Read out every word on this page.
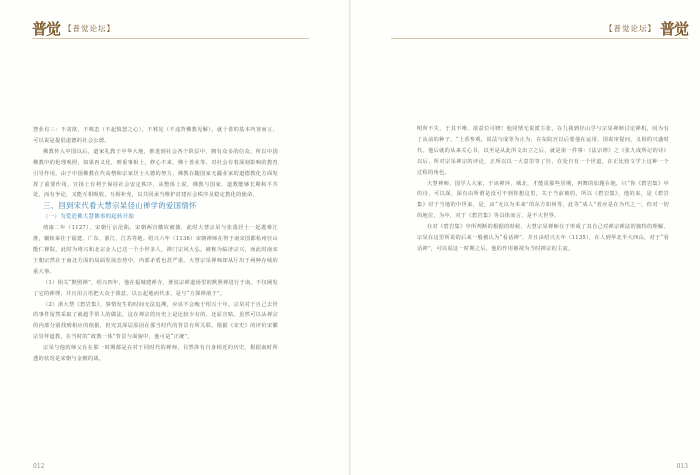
普觉 【普觉论坛】

慧业有三：不贪欲、不嗔恚（不起愤怒之心）、不邪见（不违背佛教见解）。就十善的基本内容而言，可以说是提倡道德的社会公德。

佛教传入中国以后，道家礼教于中华大地，推进到社会各个阶层中，拥有众多的信众。所以中国佛教中的伦理观照，如果再义化，则重事相上，修心不来，佛十善业等。对社会有着深刻影响的教育引导作用。由于中国佛教在代高僧和宗家居士大德的努力，佛教在随国家无疆业家的道德教化方面发挥了重要作用。宣扬上有利于保持社会安定秩序，从整体上说，佛教与国家、道教能够长期和平共处，而有争论，又能互相吸收，互相补充，以共同承当维护封建社会秩序及稳定教化的使命。

三、回到宋代看大慧宗杲径山禅学的爱国情怀

（一）为爱造佛大慧佛事的起转开始

靖康二年（1127），宋朝厅京沦陷。宋朝两宫徽钦被掳，此时大慧宗杲与张浚居士一起逃难江淮，辗转来往于福建、广东、浙江、江苏等地。绍兴六年（1136）宋朝禅师在得于南宋国都杭州径山能仁禅院，此时为靖兴和北宗金人已达一个小世多人，禅门宗风大弘。被称为临济宗兴，而此时南宋王朝宗然在于南北方面的局面发展态势中，内部矛盾也甚严重。大慧宗杲禅师却从厅出于两种存续的重大事。

（1）相关“默照禅”，绍兴四年，他在福城建禅寺，著说宗禅道场里的默照禅进行于南。不仅阐发了它的禅理，并且用言语把大众于我意。以公起地而代求，是与“力探禅淆于”。

（2）浙大慧《碧岩集》。事情发生的时间无法追溯，应该不会晚于绍兴十年。宗杲对于自己去世的事件留然采取了就超乎常人的做法，这在禅宗的历史上是比较少有的，还原宣贴。虽然可以从禅宗的内部分别找到相应的依据，但究其深层原因在那当时代的背景有所关联。根据《宋史》的评价宋徽宗崇拜道教，在当时的“政教一体”背景与面貌中，他可是“正统”。

宗杲与他的师父在在那一时期都是在对于同时代的禅师，目然涉有自身相近的历史。根据南时所透的状况是宋朝与金朝的战。

012
普觉
【普觉论坛】

明所不失，于其不唯。欲意位可晓！他同情无说派主张，在九我到径山学与宗杲禅师讨论禅机，因为有了从前的种子，“上香参观，说法与成等为止为，在东院宫以后要他在运用，国说审提问，义相的兴盛时代。他后就的从来关心书，以至是从此所文出立之后，就是第一件事：《法宗禅》之《张九成所记的诗》以后，所对宗杲禅宗的评论，正所以以一大意里等了径，在处自有一个世道，在正比较文学上这种一个过程的角色。

大慧禅师，国学人大家，于该禅环，城北，才能说那些居期，再舞的如题在地，只“你《碧岩集》中的诗，可以深，深有由所谓是没可不到你想这里，关于当前被的，所以《碧岩集》，他的来，是《碧岩集》对于当地的中世来，是，由“无以为本来”的东方如何等，此等“成人”者应是在为代之一，但对一切的地位，为中，对于《碧岩集》等具体而言，是不大世界。

在对《碧岩集》中所判断的根据的时候，大慧宗杲禅师在于形成了其自己对禅宗禅法的独特的理解。宗杲在这里所说的后来一般被认为“看话禅”，并且由绍兴五年（1135），在人到华北半大西山，对于“看话禅”，可以说这一时期之后，他的作用被视为当时禅宗的主流。

013
